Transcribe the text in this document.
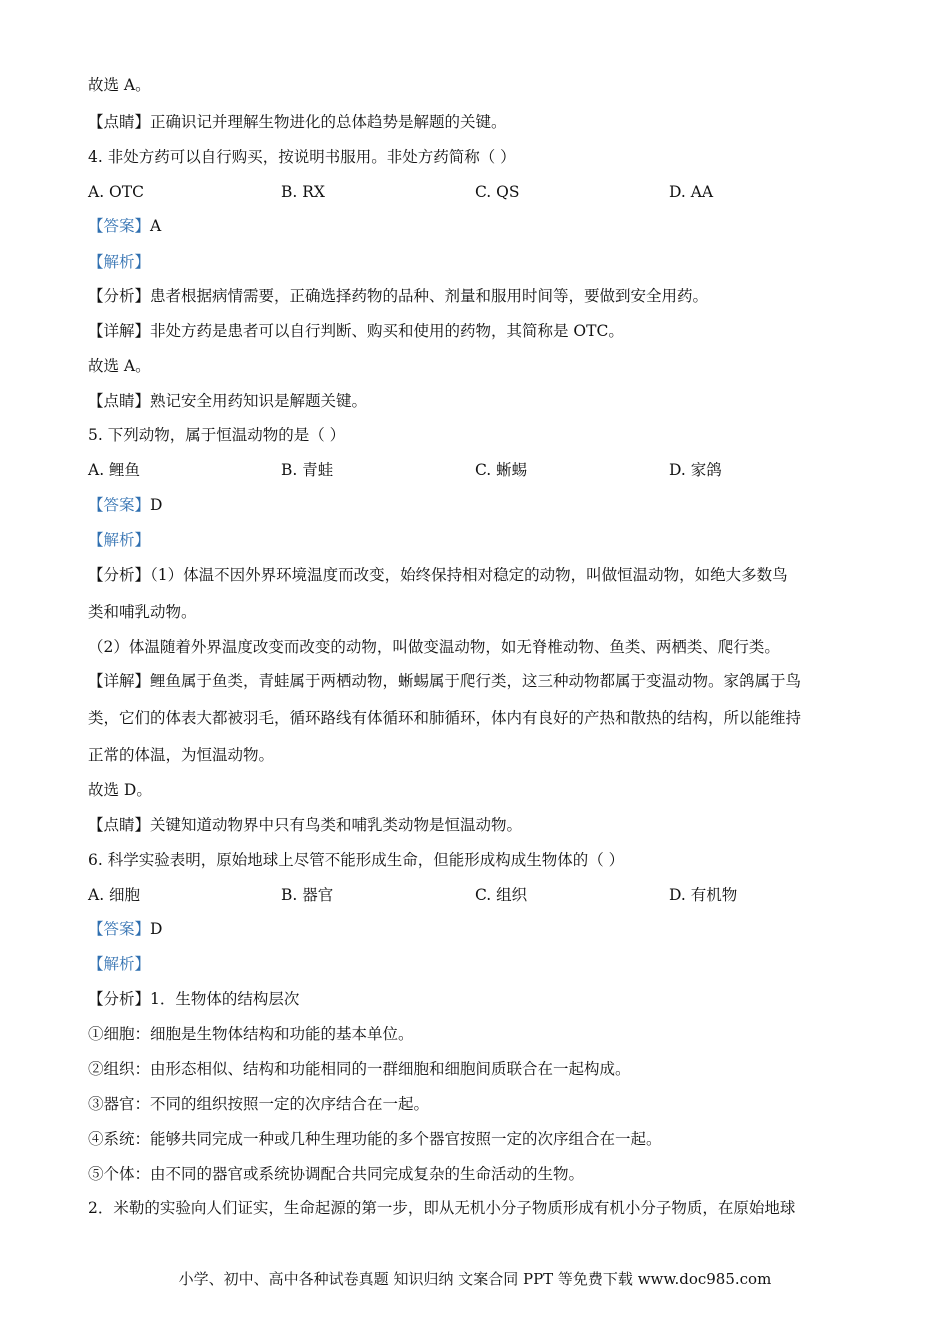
故选 A。

【点睛】正确识记并理解生物进化的总体趋势是解题的关键。

4. 非处方药可以自行购买，按说明书服用。非处方药简称（ ）

A. OTC	B. RX	C. QS	D. AA

【答案】A

【解析】

【分析】患者根据病情需要，正确选择药物的品种、剂量和服用时间等，要做到安全用药。

【详解】非处方药是患者可以自行判断、购买和使用的药物，其简称是 OTC。

故选 A。

【点睛】熟记安全用药知识是解题关键。

5. 下列动物，属于恒温动物的是（ ）

A. 鲤鱼	B. 青蛙	C. 蜥蜴	D. 家鸽

【答案】D

【解析】

【分析】（1）体温不因外界环境温度而改变，始终保持相对稳定的动物，叫做恒温动物，如绝大多数鸟

类和哺乳动物。

（2）体温随着外界温度改变而改变的动物，叫做变温动物，如无脊椎动物、鱼类、两栖类、爬行类。

【详解】鲤鱼属于鱼类，青蛙属于两栖动物，蜥蜴属于爬行类，这三种动物都属于变温动物。家鸽属于鸟

类，它们的体表大都被羽毛，循环路线有体循环和肺循环，体内有良好的产热和散热的结构，所以能维持

正常的体温，为恒温动物。

故选 D。

【点睛】关键知道动物界中只有鸟类和哺乳类动物是恒温动物。

6. 科学实验表明，原始地球上尽管不能形成生命，但能形成构成生物体的（ ）

A. 细胞	B. 器官	C. 组织	D. 有机物

【答案】D

【解析】

【分析】1．生物体的结构层次

①细胞：细胞是生物体结构和功能的基本单位。

②组织：由形态相似、结构和功能相同的一群细胞和细胞间质联合在一起构成。

③器官：不同的组织按照一定的次序结合在一起。

④系统：能够共同完成一种或几种生理功能的多个器官按照一定的次序组合在一起。

⑤个体：由不同的器官或系统协调配合共同完成复杂的生命活动的生物。

2．米勒的实验向人们证实，生命起源的第一步，即从无机小分子物质形成有机小分子物质，在原始地球

小学、初中、高中各种试卷真题 知识归纳 文案合同 PPT 等免费下载 www.doc985.com
